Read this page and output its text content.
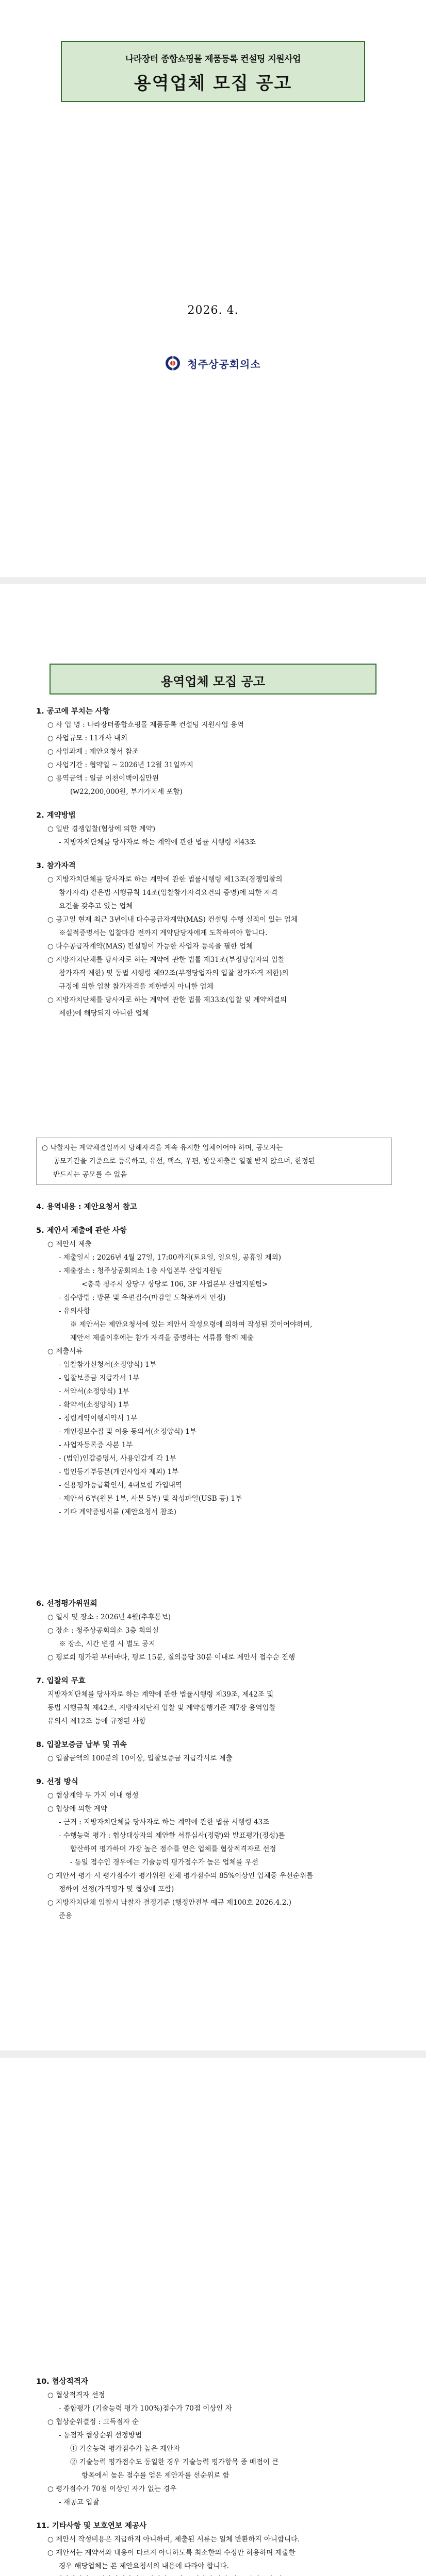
나라장터 종합쇼핑몰 제품등록 컨설팅 지원사업
용역업체 모집 공고
2026. 4.
청주상공회의소
용역업체 모집 공고

1. 공고에 부치는 사항

○ 사 업 명 : 나라장터종합쇼핑몰 제품등록 컨설팅 지원사업 용역

○ 사업규모 : 11개사 내외

○ 사업과제 : 제안요청서 참조

○ 사업기간 : 협약일 ~ 2026년 12월 31일까지

○ 용역금액 : 일금 이천이백이십만원

(₩22,200,000원, 부가가치세 포함)

2. 계약방법

○ 일반 경쟁입찰(협상에 의한 계약)

- 지방자치단체를 당사자로 하는 계약에 관한 법률 시행령 제43조

3. 참가자격

○ 지방자치단체를 당사자로 하는 계약에 관한 법률시행령 제13조(경쟁입찰의

참가자격) 같은법 시행규칙 14조(입찰참가자격요건의 증명)에 의한 자격

요건을 갖추고 있는 업체

○ 공고일 현재 최근 3년이내 다수공급자계약(MAS) 컨설팅 수행 실적이 있는 업체

※실적증명서는 입찰마감 전까지 계약담당자에게 도착하여야 합니다.

○ 다수공급자계약(MAS) 컨설팅이 가능한 사업자 등록을 필한 업체

○ 지방자치단체를 당사자로 하는 계약에 관한 법률 제31조(부정당업자의 입찰

참가자격 제한) 및 동법 시행령 제92조(부정당업자의 입찰 참가자격 제한)의

규정에 의한 입찰 참가자격을 제한받지 아니한 업체

○ 지방자치단체를 당사자로 하는 계약에 관한 법률 제33조(입찰 및 계약체결의

제한)에 해당되지 아니한 업체

○ 낙찰자는 계약체결일까지 당해자격을 계속 유지한 업체이어야 하며, 공모자는

공모기간을 기준으로 등록하고, 유선, 팩스, 우편, 방문제출은 일절 받지 않으며, 한정된

반드시는 공모를 수 없음

4. 용역내용 : 제안요청서 참고

5. 제안서 제출에 관한 사항

○ 제안서 제출

- 제출일시 : 2026년 4월 27일, 17:00까지(토요일, 일요일, 공휴일 제외)

- 제출장소 : 청주상공회의소 1층 사업본부 산업지원팀

<충북 청주시 상당구 상당로 106, 3F 사업본부 산업지원팀>

- 접수방법 : 방문 및 우편접수(마감일 도착분까지 인정)

- 유의사항

※ 제안서는 제안요청서에 있는 제안서 작성요령에 의하여 작성된 것이어야하며,

제안서 제출이후에는 참가 자격을 증명하는 서류를 함께 제출

○ 제출서류

- 입찰참가신청서(소정양식) 1부

- 입찰보증금 지급각서 1부

- 서약서(소정양식) 1부

- 확약서(소정양식) 1부

- 청렴계약이행서약서 1부

- 개인정보수집 및 이용 동의서(소정양식) 1부

- 사업자등록증 사본 1부

- (법인)인감증명서, 사용인감계 각 1부

- 법인등기부등본(개인사업자 제외) 1부

- 신용평가등급확인서, 4대보험 가입내역

- 제안서 6부(원본 1부, 사본 5부) 및 작성파일(USB 등) 1부

- 기타 계약증빙서류 (제안요청서 참조)

6. 선정평가위원회

○ 일시 및 장소 : 2026년 4월(추후통보)

○ 장소 : 청주상공회의소 3층 회의실

※ 장소, 시간 변경 시 별도 공지

○ 평로회 평가된 부터마다, 평로 15분, 질의응답 30분 이내로 제안서 접수순 진행

7. 입찰의 무효

지방자치단체를 당사자로 하는 계약에 관한 법률시행령 제39조, 제42조 및

동법 시행규칙 제42조, 지방자치단체 입찰 및 계약집행기준 제7장 용역입찰

유의서 제12조 등에 규정된 사항

8. 입찰보증금 납부 및 귀속

○ 입찰금액의 100분의 10이상, 입찰보증금 지급각서로 제출

9. 선정 방식

○ 협상계약 두 가지 이내 형성

○ 협상에 의한 계약

- 근거 : 지방자치단체를 당사자로 하는 계약에 관한 법률 시행령 43조

- 수행능력 평가 : 협상대상자의 제안한 서류심사(정량)와 발표평가(정성)를

합산하여 평가하며 가장 높은 점수를 얻은 업체를 협상적격자로 선정

- 동일 점수인 경우에는 기술능력 평가점수가 높은 업체를 우선

○ 제안서 평가 시 평가점수가 평가위원 전체 평가점수의 85%이상인 업체중 우선순위를

정하여 선정(가격평가 및 협상에 포함)

○ 지방자치단체 입찰시 낙찰자 결정기준 (행정안전부 예규 제100호 2026.4.2.)

준용

10. 협상적격자

○ 협상적격자 선정

- 종합평가 (기술능력 평가 100%)점수가 70점 이상인 자

○ 협상순위결정 : 고득점자 순

- 동점자 협상순위 선정방법

① 기술능력 평가점수가 높은 제안자

② 기술능력 평가점수도 동일한 경우 기술능력 평가항목 중 배점이 큰

항목에서 높은 점수를 얻은 제안자를 선순위로 함

○ 평가점수가 70점 이상인 자가 없는 경우

- 재공고 입찰

11. 기타사항 및 보호연보 제공사

○ 제안서 작성비용은 지급하지 아니하며, 제출된 서류는 일체 반환하지 아니합니다.

○ 제안서는 계약서와 내용이 다르지 아니하도록 최소한의 수정만 허용하며 제출한

경우 해당업체는 본 제안요청서의 내용에 따라야 합니다.
